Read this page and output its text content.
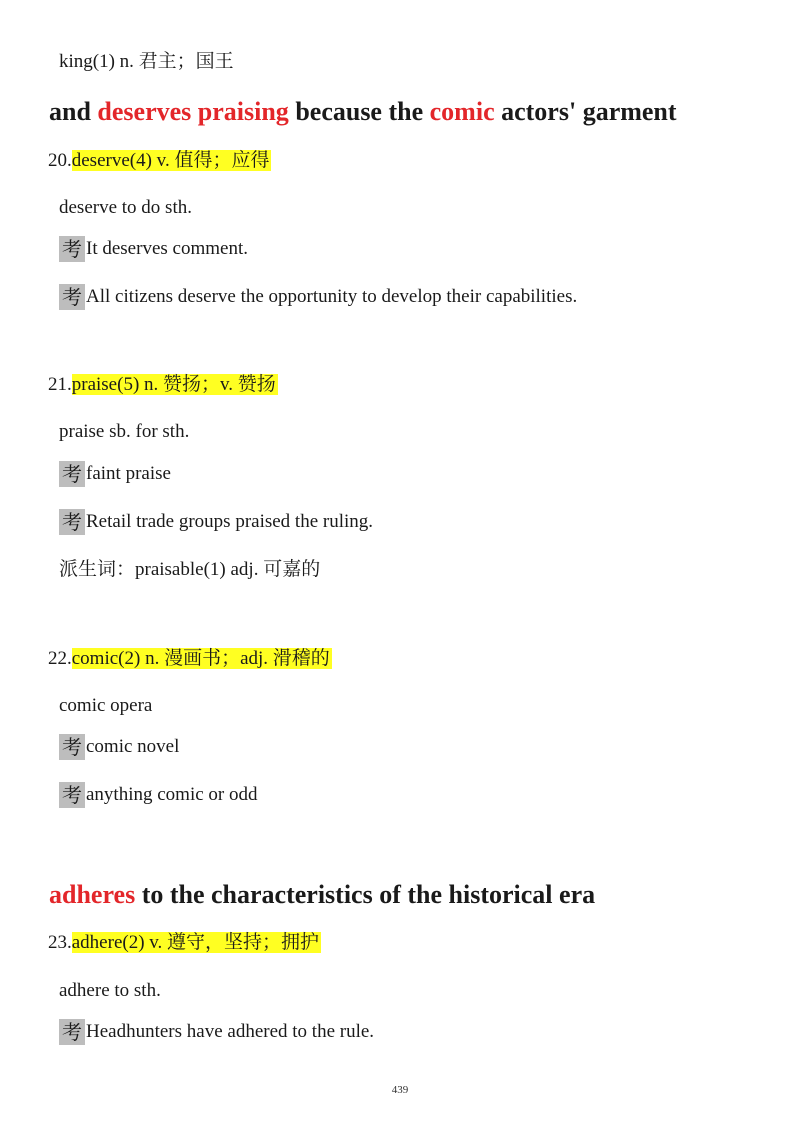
king(1) n. 君主；国王
and deserves praising because the comic actors' garment
20.deserve(4) v. 值得；应得
deserve to do sth.
考 It deserves comment.
考 All citizens deserve the opportunity to develop their capabilities.
21.praise(5) n. 赞扬；v. 赞扬
praise sb. for sth.
考 faint praise
考 Retail trade groups praised the ruling.
派生词：praisable(1) adj. 可嘉的
22.comic(2) n. 漫画书；adj. 滑稽的
comic opera
考 comic novel
考 anything comic or odd
adheres to the characteristics of the historical era
23.adhere(2) v. 遵守，坚持；拥护
adhere to sth.
考 Headhunters have adhered to the rule.
439
